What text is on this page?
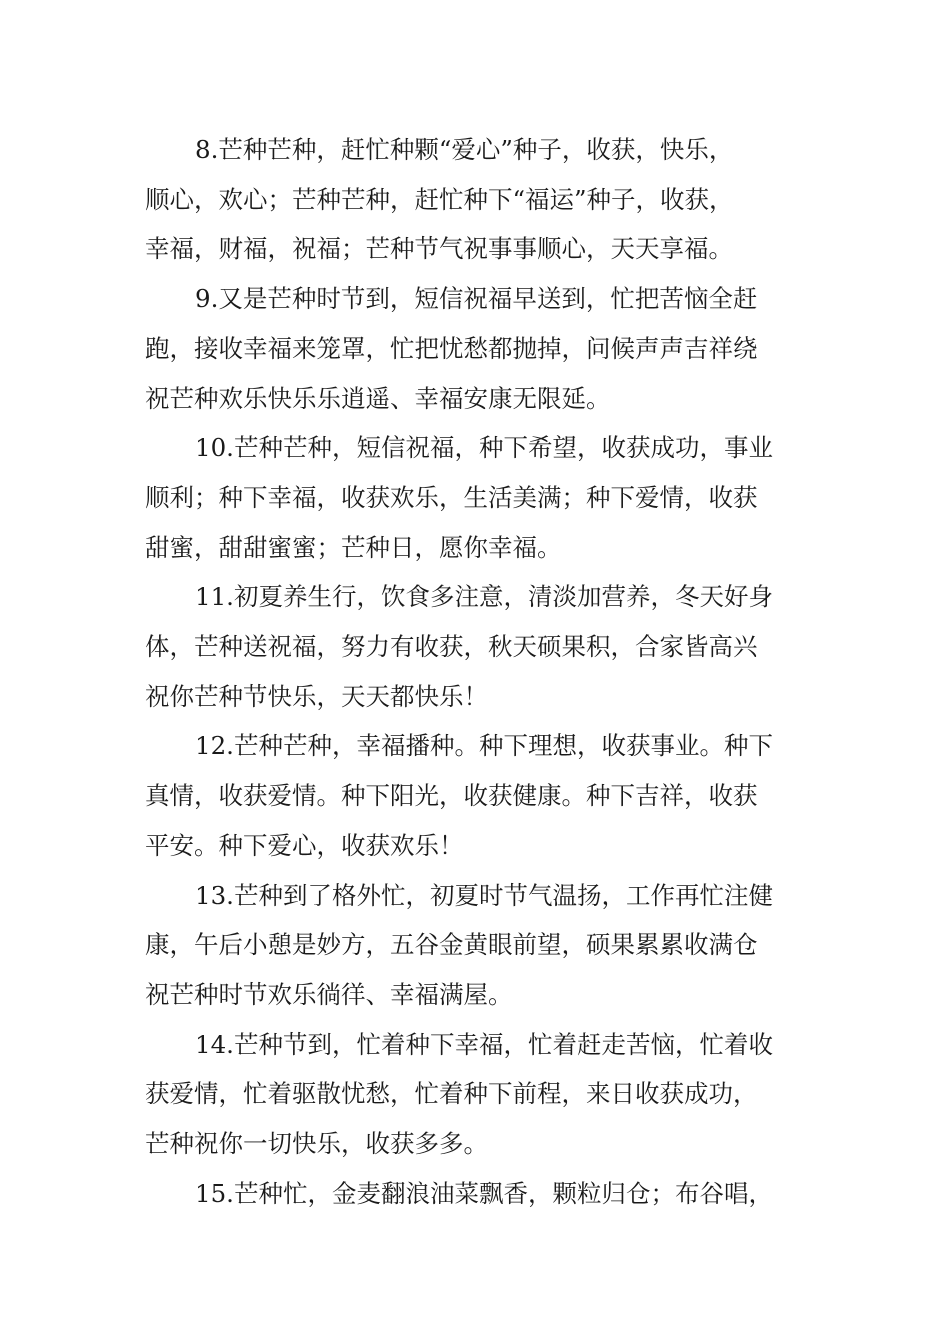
8.芒种芒种，赶忙种颗“爱心”种子，收获，快乐，
顺心，欢心；芒种芒种，赶忙种下“福运”种子，收获，
幸福，财福，祝福；芒种节气祝事事顺心，天天享福。
9.又是芒种时节到，短信祝福早送到，忙把苦恼全赶
跑，接收幸福来笼罩，忙把忧愁都抛掉，问候声声吉祥绕
祝芒种欢乐快乐乐逍遥、幸福安康无限延。
10.芒种芒种，短信祝福，种下希望，收获成功，事业
顺利；种下幸福，收获欢乐，生活美满；种下爱情，收获
甜蜜，甜甜蜜蜜；芒种日，愿你幸福。
11.初夏养生行，饮食多注意，清淡加营养，冬天好身
体，芒种送祝福，努力有收获，秋天硕果积，合家皆高兴
祝你芒种节快乐，天天都快乐！
12.芒种芒种，幸福播种。种下理想，收获事业。种下
真情，收获爱情。种下阳光，收获健康。种下吉祥，收获
平安。种下爱心，收获欢乐！
13.芒种到了格外忙，初夏时节气温扬，工作再忙注健
康，午后小憩是妙方，五谷金黄眼前望，硕果累累收满仓
祝芒种时节欢乐徜徉、幸福满屋。
14.芒种节到，忙着种下幸福，忙着赶走苦恼，忙着收
获爱情，忙着驱散忧愁，忙着种下前程，来日收获成功，
芒种祝你一切快乐，收获多多。
15.芒种忙，金麦翻浪油菜飘香，颗粒归仓；布谷唱，
